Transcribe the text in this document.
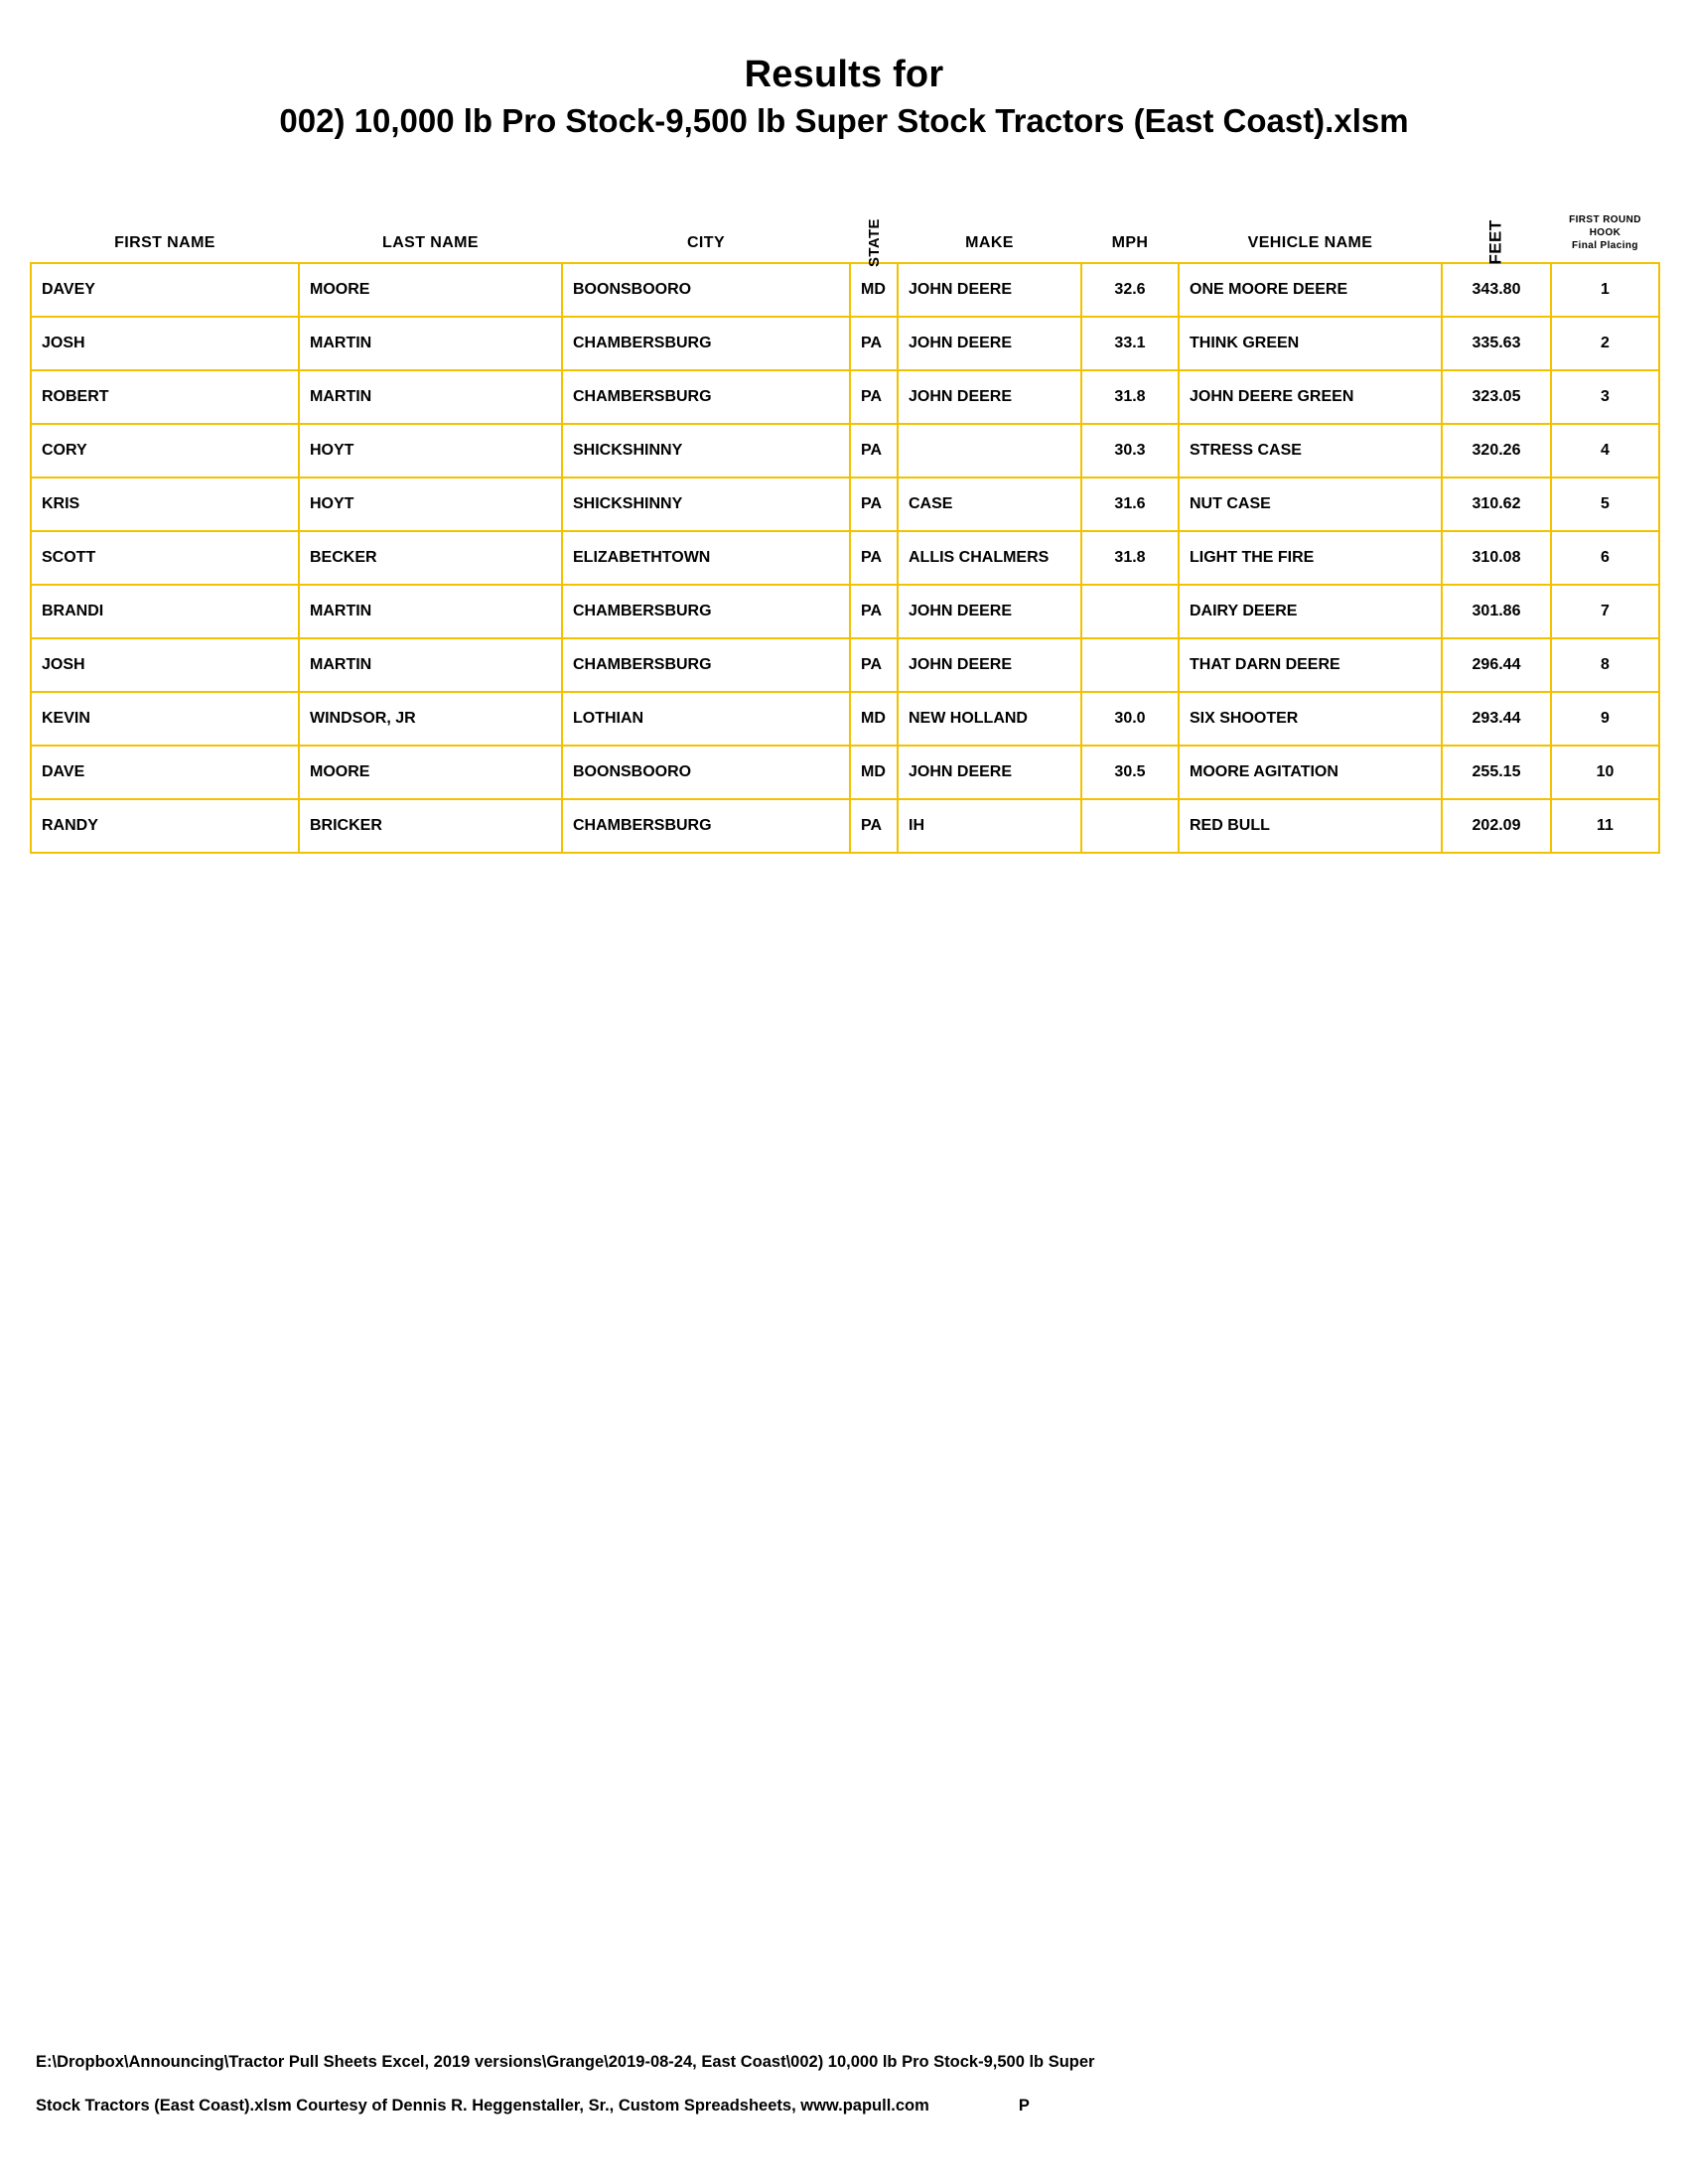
Results for
002) 10,000 lb Pro Stock-9,500 lb Super Stock Tractors (East Coast).xlsm
FIRST NAME	LAST NAME	CITY	STATE	MAKE	MPH	VEHICLE NAME	FEET	FIRST ROUND
HOOK
Final Placing

DAVEY	MOORE	BOONSBOORO	MD	JOHN DEERE	32.6	ONE MOORE DEERE	343.80	1
JOSH	MARTIN	CHAMBERSBURG	PA	JOHN DEERE	33.1	THINK GREEN	335.63	2
ROBERT	MARTIN	CHAMBERSBURG	PA	JOHN DEERE	31.8	JOHN DEERE GREEN	323.05	3
CORY	HOYT	SHICKSHINNY	PA		30.3	STRESS CASE	320.26	4
KRIS	HOYT	SHICKSHINNY	PA	CASE	31.6	NUT CASE	310.62	5
SCOTT	BECKER	ELIZABETHTOWN	PA	ALLIS CHALMERS	31.8	LIGHT THE FIRE	310.08	6
BRANDI	MARTIN	CHAMBERSBURG	PA	JOHN DEERE		DAIRY DEERE	301.86	7
JOSH	MARTIN	CHAMBERSBURG	PA	JOHN DEERE		THAT DARN DEERE	296.44	8
KEVIN	WINDSOR, JR	LOTHIAN	MD	NEW HOLLAND	30.0	SIX SHOOTER	293.44	9
DAVE	MOORE	BOONSBOORO	MD	JOHN DEERE	30.5	MOORE AGITATION	255.15	10
RANDY	BRICKER	CHAMBERSBURG	PA	IH		RED BULL	202.09	11
E:\Dropbox\Announcing\Tractor Pull Sheets Excel, 2019 versions\Grange\2019-08-24, East Coast\002) 10,000 lb Pro Stock-9,500 lb Super
Stock Tractors (East Coast).xlsm Courtesy of Dennis R. Heggenstaller, Sr., Custom Spreadsheets, www.papull.com	P
